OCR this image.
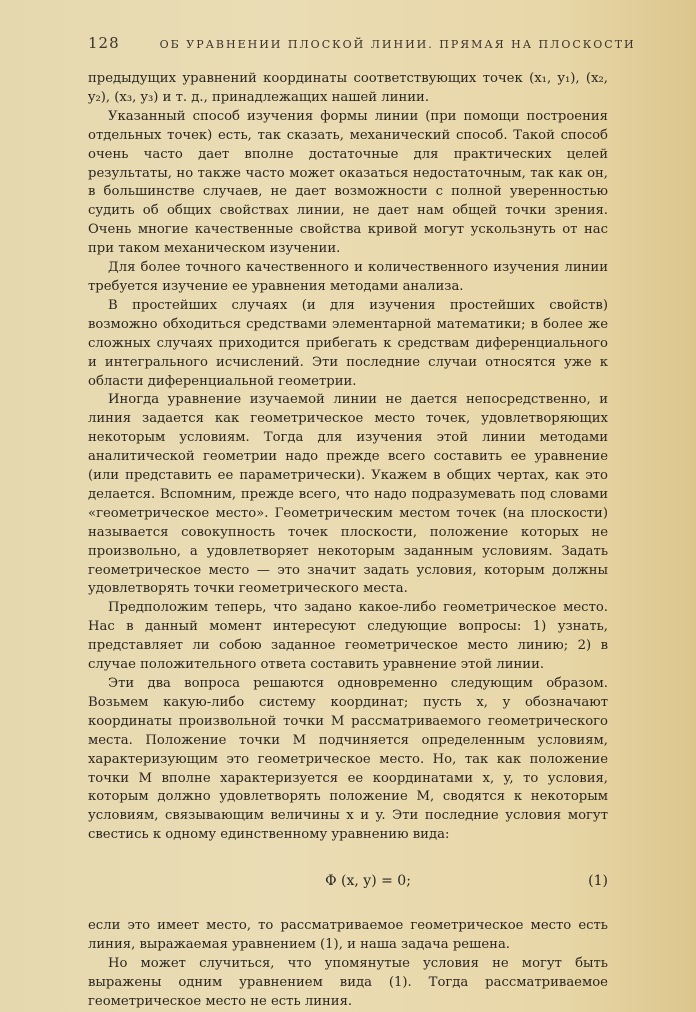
128	ОБ УРАВНЕНИИ ПЛОСКОЙ ЛИНИИ. ПРЯМАЯ НА ПЛОСКОСТИ

предыдущих уравнений координаты соответствующих точек (x₁, y₁), (x₂, y₂), (x₃, y₃) и т. д., принадлежащих нашей линии.

Указанный способ изучения формы линии (при помощи построения отдельных точек) есть, так сказать, механический способ. Такой способ очень часто дает вполне достаточные для практических целей результаты, но также часто может оказаться недостаточным, так как он, в большинстве случаев, не дает возможности с полной уверенностью судить об общих свойствах линии, не дает нам общей точки зрения. Очень многие качественные свойства кривой могут ускользнуть от нас при таком механическом изучении.

Для более точного качественного и количественного изучения линии требуется изучение ее уравнения методами анализа.

В простейших случаях (и для изучения простейших свойств) возможно обходиться средствами элементарной математики; в более же сложных случаях приходится прибегать к средствам диференциального и интегрального исчислений. Эти последние случаи относятся уже к области диференциальной геометрии.

Иногда уравнение изучаемой линии не дается непосредственно, и линия задается как геометрическое место точек, удовлетворяющих некоторым условиям. Тогда для изучения этой линии методами аналитической геометрии надо прежде всего составить ее уравнение (или представить ее параметрически). Укажем в общих чертах, как это делается. Вспомним, прежде всего, что надо подразумевать под словами «геометрическое место». Геометрическим местом точек (на плоскости) называется совокупность точек плоскости, положение которых не произвольно, а удовлетворяет некоторым заданным условиям. Задать геометрическое место — это значит задать условия, которым должны удовлетворять точки геометрического места.

Предположим теперь, что задано какое-либо геометрическое место. Нас в данный момент интересуют следующие вопросы: 1) узнать, представляет ли собою заданное геометрическое место линию; 2) в случае положительного ответа составить уравнение этой линии.

Эти два вопроса решаются одновременно следующим образом. Возьмем какую-либо систему координат; пусть x, y обозначают координаты произвольной точки M рассматриваемого геометрического места. Положение точки M подчиняется определенным условиям, характеризующим это геометрическое место. Но, так как положение точки M вполне характеризуется ее координатами x, y, то условия, которым должно удовлетворять положение M, сводятся к некоторым условиям, связывающим величины x и y. Эти последние условия могут свестись к одному единственному уравнению вида:

Φ (x, y) = 0;	(1)

если это имеет место, то рассматриваемое геометрическое место есть линия, выражаемая уравнением (1), и наша задача решена.

Но может случиться, что упомянутые условия не могут быть выражены одним уравнением вида (1). Тогда рассматриваемое геометрическое место не есть линия.
